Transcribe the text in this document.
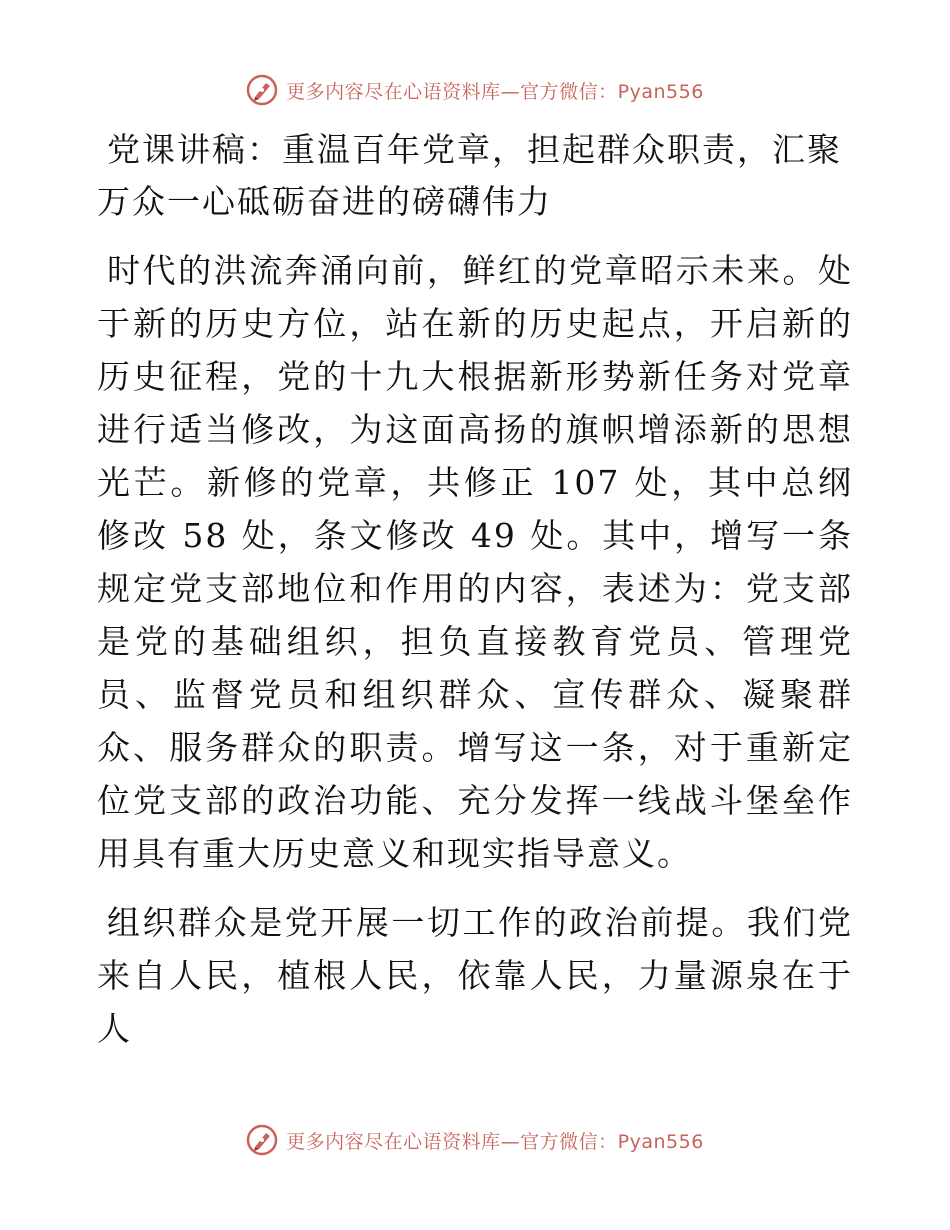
更多内容尽在心语资料库—官方微信：Pyan556
党课讲稿：重温百年党章，担起群众职责，汇聚万众一心砥砺奋进的磅礴伟力

时代的洪流奔涌向前，鲜红的党章昭示未来。处于新的历史方位，站在新的历史起点，开启新的历史征程，党的十九大根据新形势新任务对党章进行适当修改，为这面高扬的旗帜增添新的思想光芒。新修的党章，共修正 107 处，其中总纲修改 58 处，条文修改 49 处。其中，增写一条规定党支部地位和作用的内容，表述为：党支部是党的基础组织，担负直接教育党员、管理党员、监督党员和组织群众、宣传群众、凝聚群众、服务群众的职责。增写这一条，对于重新定位党支部的政治功能、充分发挥一线战斗堡垒作用具有重大历史意义和现实指导意义。

组织群众是党开展一切工作的政治前提。我们党来自人民，植根人民，依靠人民，力量源泉在于人

更多内容尽在心语资料库—官方微信：Pyan556
